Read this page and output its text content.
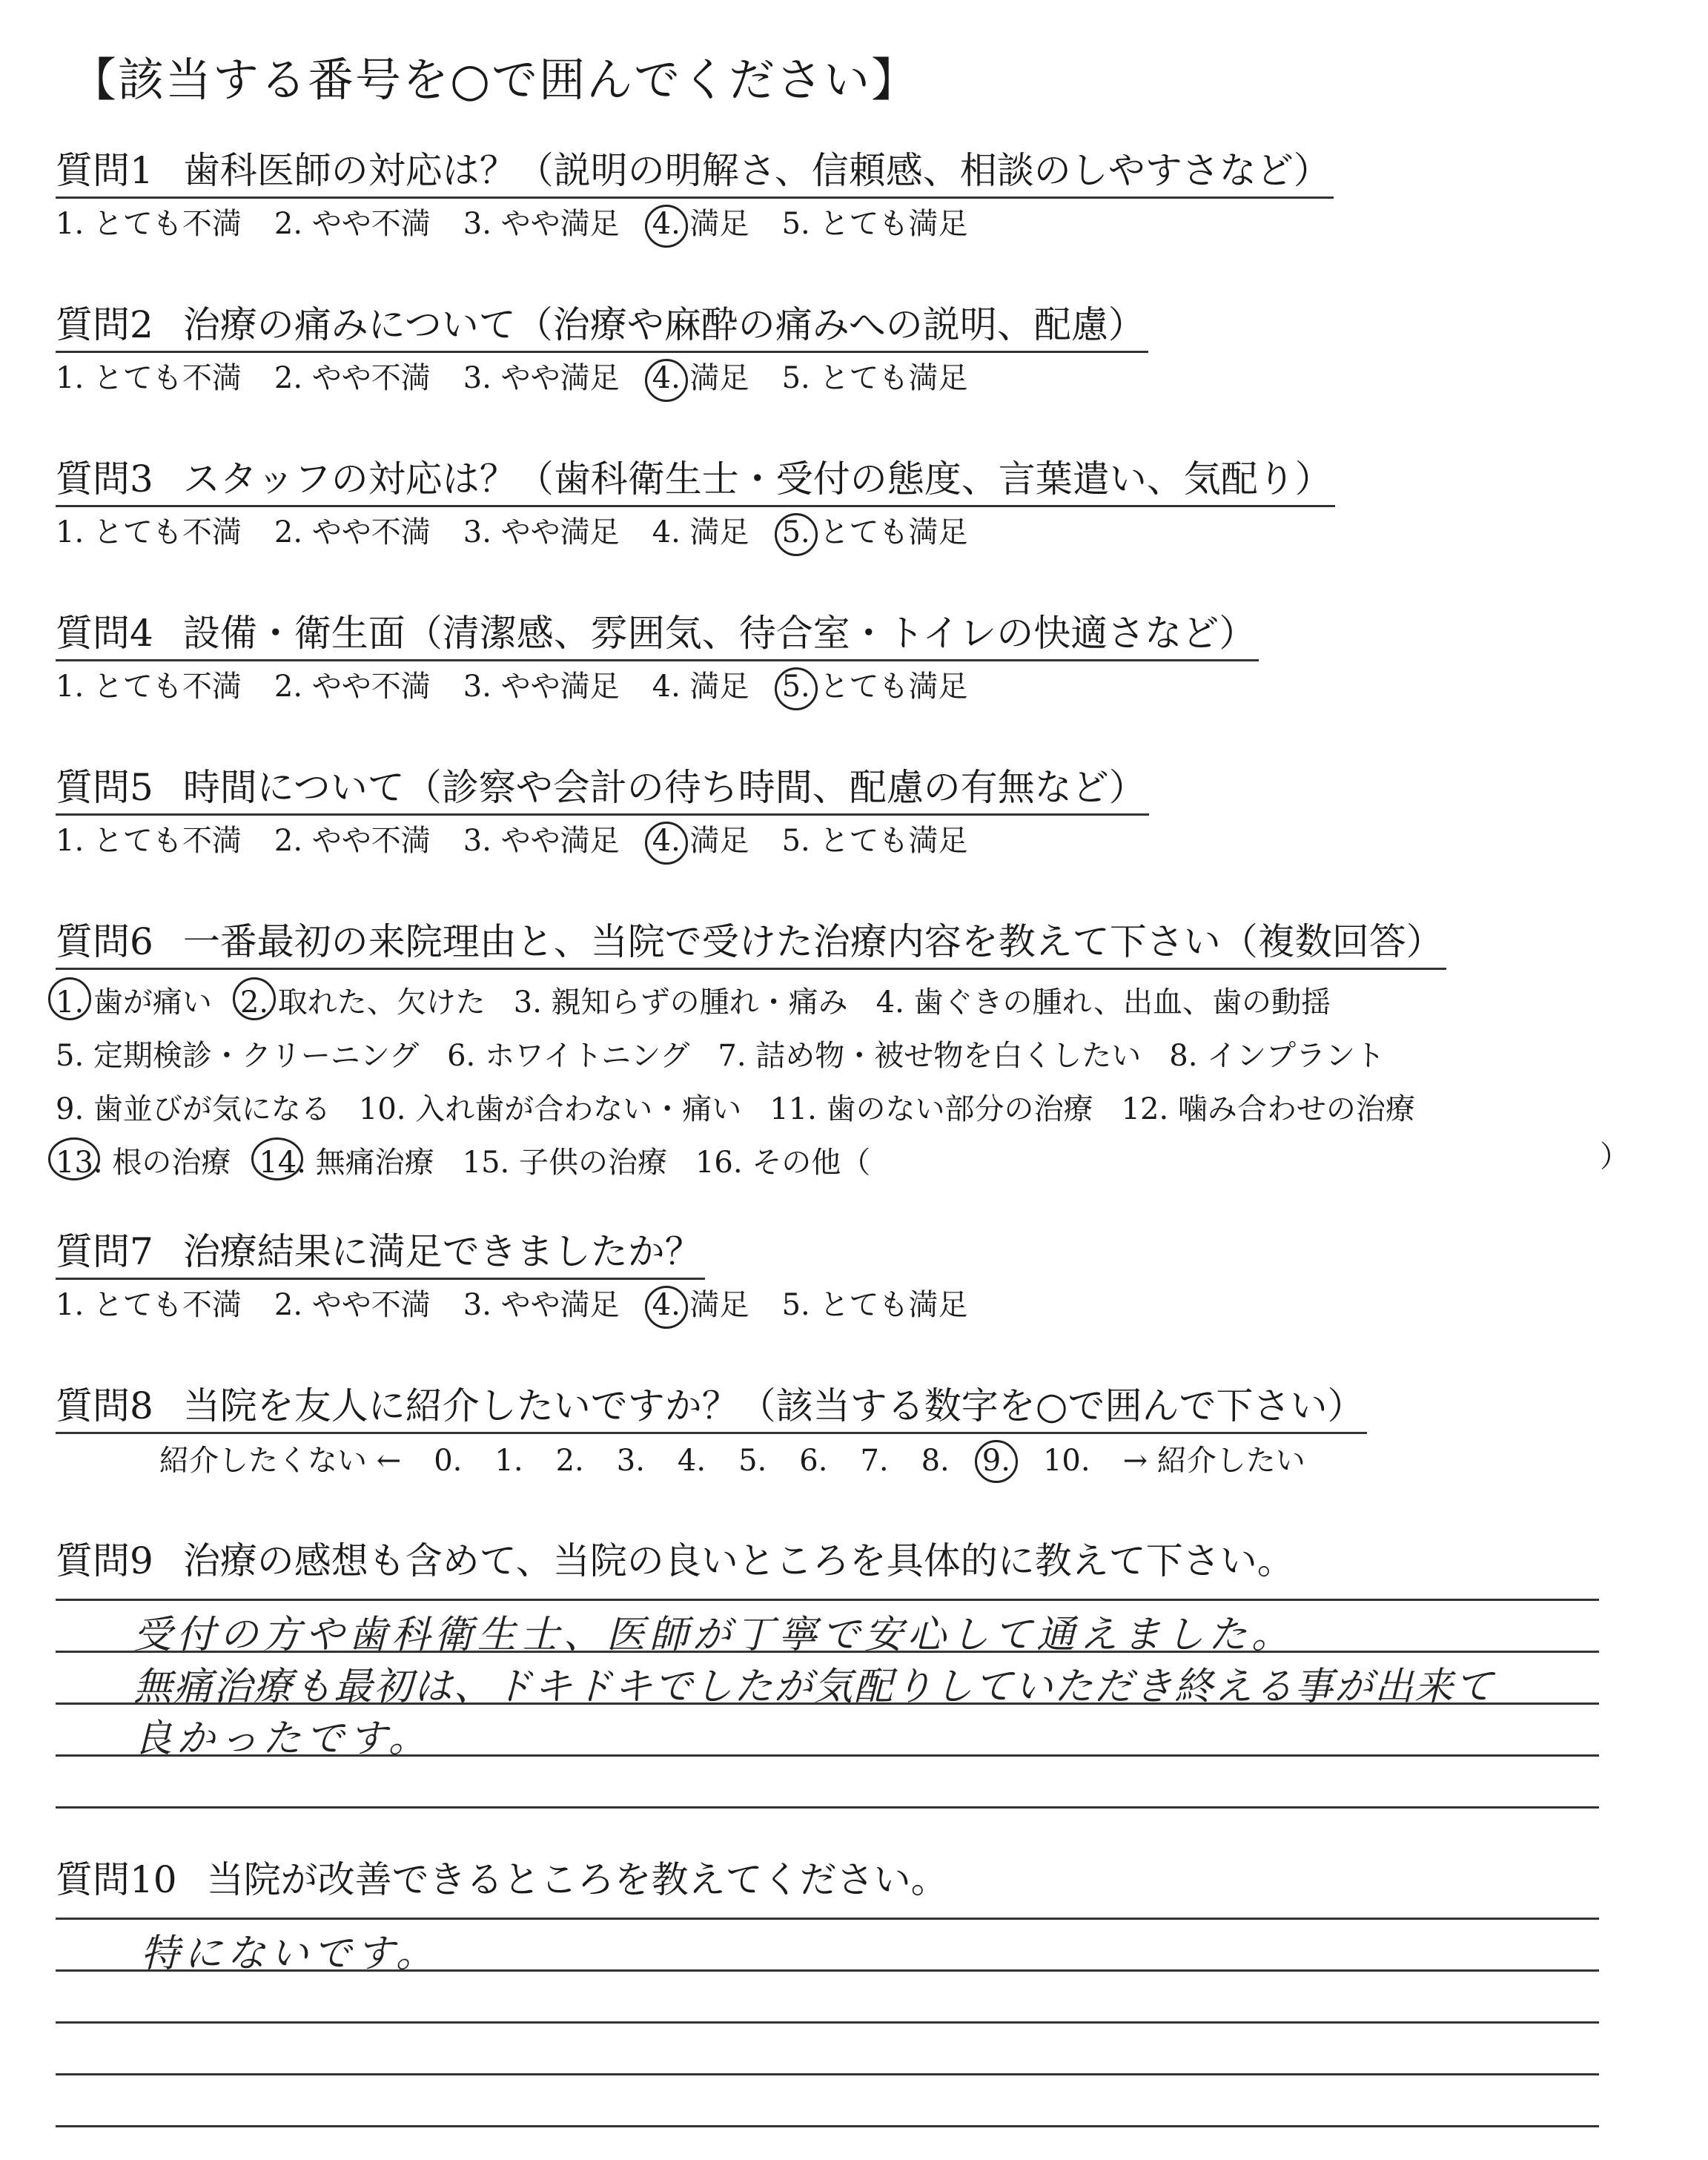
【該当する番号を○で囲んでください】
質問1 歯科医師の対応は？（説明の明解さ、信頼感、相談のしやすさなど）
1. とても不満 2. やや不満 3. やや満足 4. 満足 5. とても満足
質問2 治療の痛みについて（治療や麻酔の痛みへの説明、配慮）
1. とても不満 2. やや不満 3. やや満足 4. 満足 5. とても満足
質問3 スタッフの対応は？（歯科衛生士・受付の態度、言葉遣い、気配り）
1. とても不満 2. やや不満 3. やや満足 4. 満足 5. とても満足
質問4 設備・衛生面（清潔感、雰囲気、待合室・トイレの快適さなど）
1. とても不満 2. やや不満 3. やや満足 4. 満足 5. とても満足
質問5 時間について（診察や会計の待ち時間、配慮の有無など）
1. とても不満 2. やや不満 3. やや満足 4. 満足 5. とても満足
質問6 一番最初の来院理由と、当院で受けた治療内容を教えて下さい（複数回答）
1. 歯が痛い 2. 取れた、欠けた 3. 親知らずの腫れ・痛み 4. 歯ぐきの腫れ、出血、歯の動揺
5. 定期検診・クリーニング 6. ホワイトニング 7. 詰め物・被せ物を白くしたい 8. インプラント
9. 歯並びが気になる 10. 入れ歯が合わない・痛い 11. 歯のない部分の治療 12. 噛み合わせの治療
13. 根の治療 14. 無痛治療 15. 子供の治療 16. その他（	）
質問7 治療結果に満足できましたか？
1. とても不満 2. やや不満 3. やや満足 4. 満足 5. とても満足
質問8 当院を友人に紹介したいですか？（該当する数字を○で囲んで下さい）
紹介したくない ← 0. 1. 2. 3. 4. 5. 6. 7. 8. 9. 10. → 紹介したい
質問9 治療の感想も含めて、当院の良いところを具体的に教えて下さい。
受付の方や歯科衛生士、医師が丁寧で安心して通えました。
無痛治療も最初は、ドキドキでしたが気配りしていただき終える事が出来て
良かったです。
質問10 当院が改善できるところを教えてください。
特にないです。
